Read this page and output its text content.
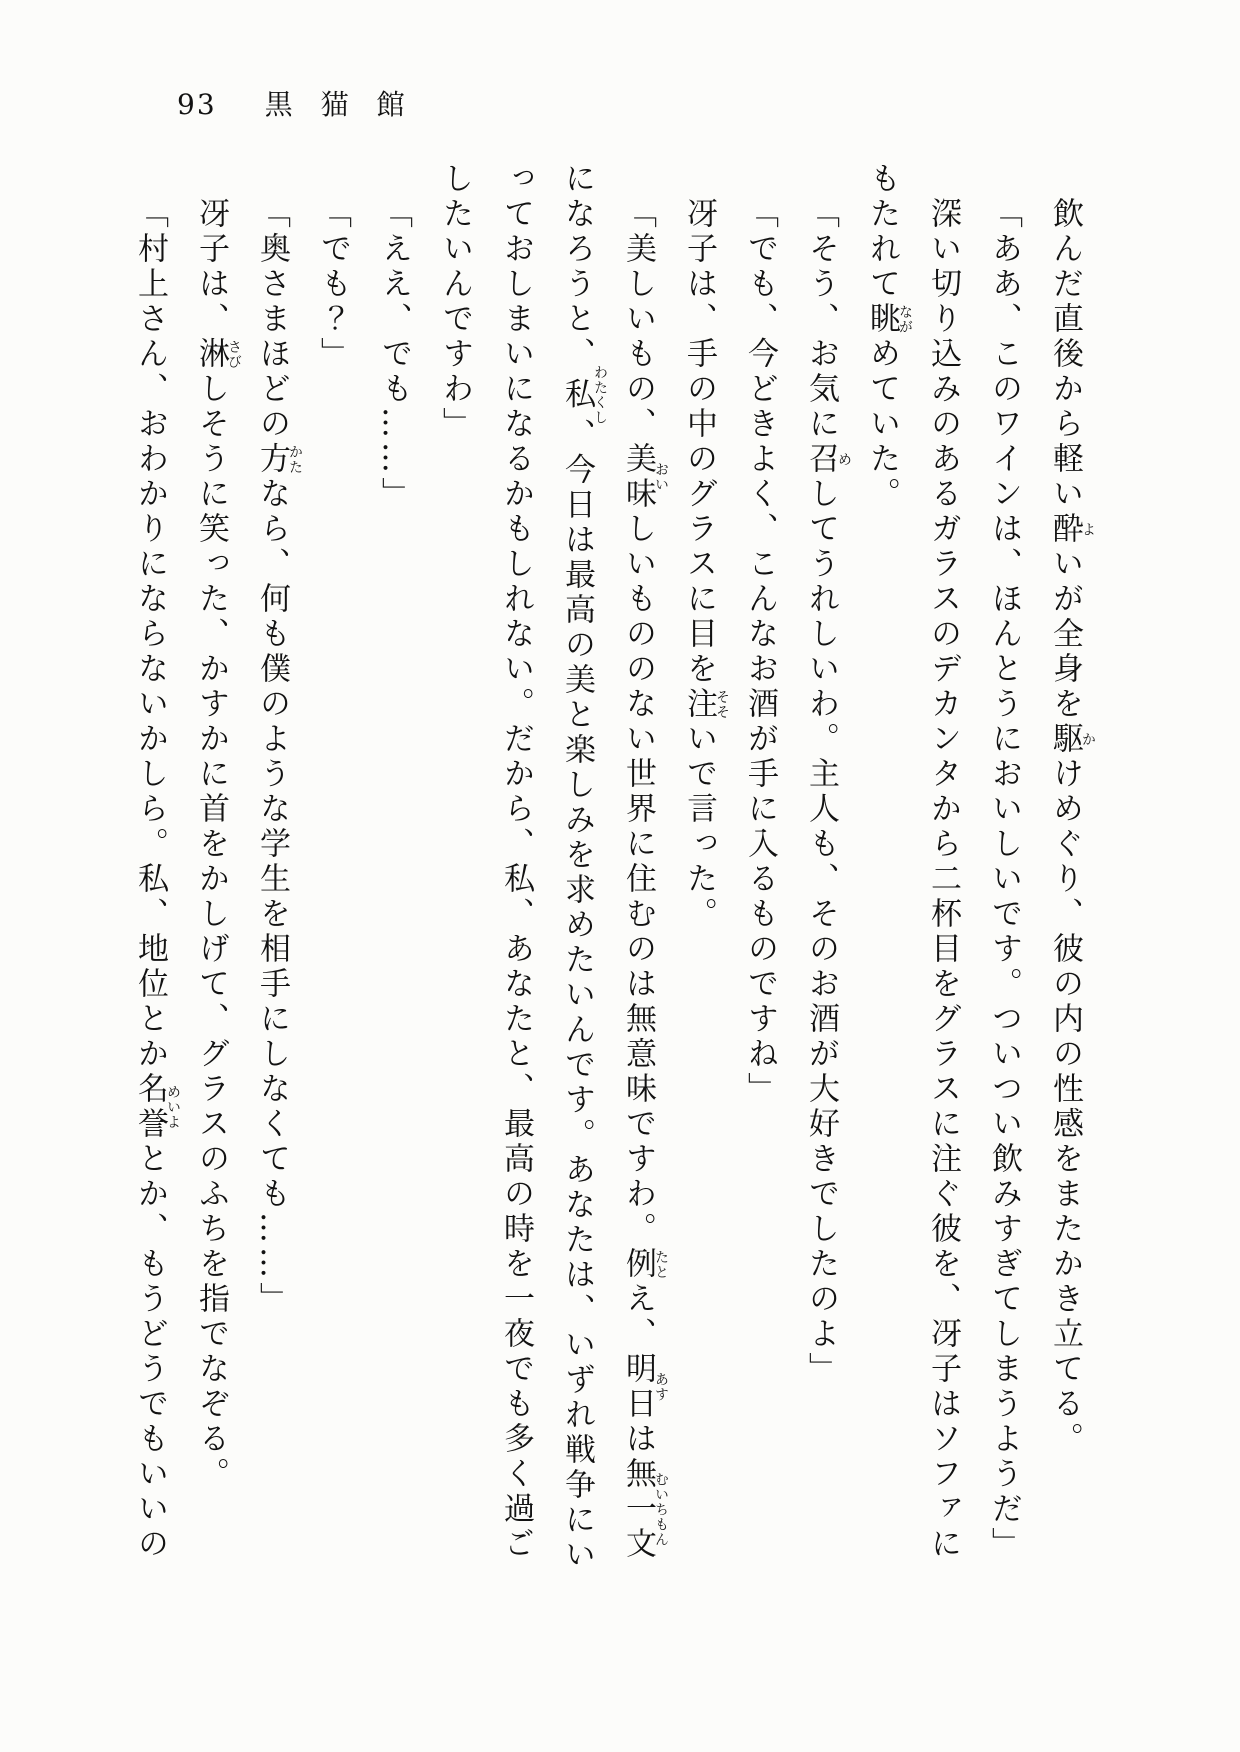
93 黒　猫　館

飲んだ直後から軽い酔よいが全身を駆かけめぐり、彼の内の性感をまたかき立てる。

「ああ、このワインは、ほんとうにおいしいです。ついつい飲みすぎてしまうようだ」

深い切り込みのあるガラスのデカンタから二杯目をグラスに注ぐ彼を、冴子はソファに

もたれて眺ながめていた。

「そう、お気に召めしてうれしいわ。主人も、そのお酒が大好きでしたのよ」

「でも、今どきよく、こんなお酒が手に入るものですね」

冴子は、手の中のグラスに目を注そそいで言った。

「美しいもの、美味おいしいもののない世界に住むのは無意味ですわ。例たとえ、明日あすは無一文むいちもん

になろうと、私わたくし、今日は最高の美と楽しみを求めたいんです。あなたは、いずれ戦争にい

っておしまいになるかもしれない。だから、私、あなたと、最高の時を一夜でも多く過ご

したいんですわ」

「ええ、でも……」

「でも？」

「奥さまほどの方かたなら、何も僕のような学生を相手にしなくても……」

冴子は、淋さびしそうに笑った、かすかに首をかしげて、グラスのふちを指でなぞる。

「村上さん、おわかりにならないかしら。私、地位とか名誉めいよとか、もうどうでもいいの
